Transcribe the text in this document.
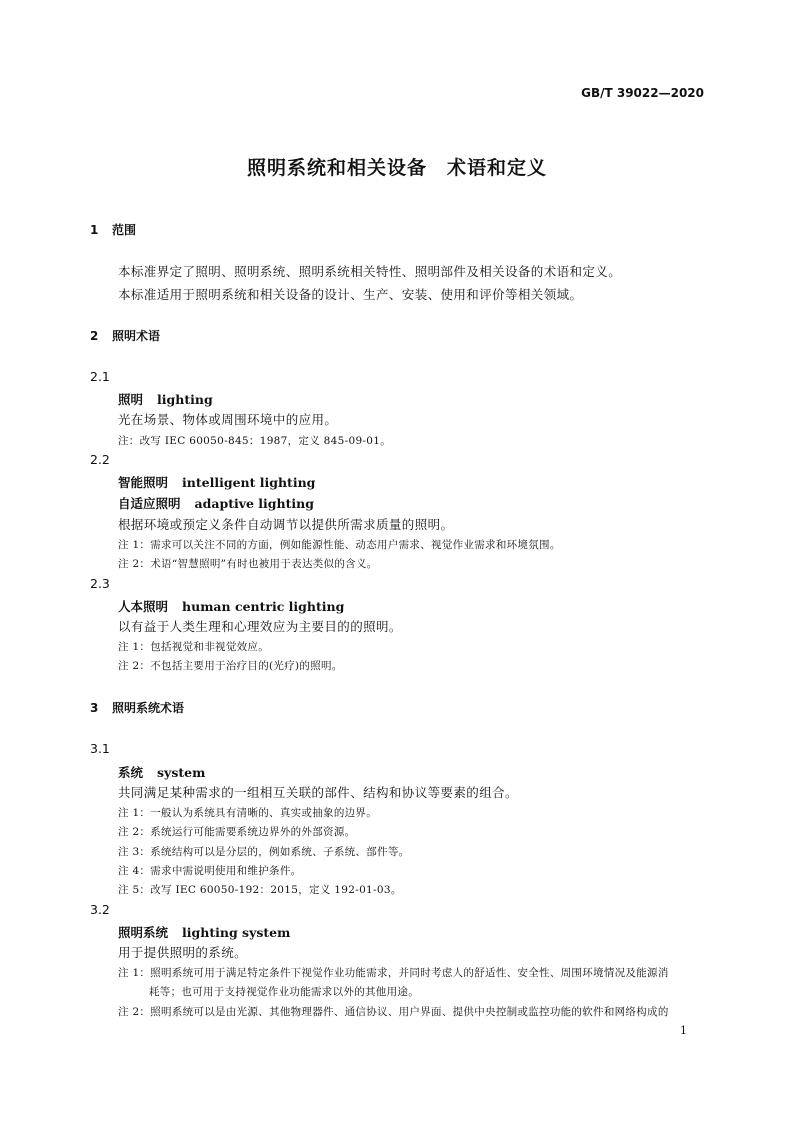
GB/T 39022—2020
照明系统和相关设备　术语和定义
1 范围
本标准界定了照明、照明系统、照明系统相关特性、照明部件及相关设备的术语和定义。
本标准适用于照明系统和相关设备的设计、生产、安装、使用和评价等相关领域。
2 照明术语
2.1
照明 lighting
光在场景、物体或周围环境中的应用。
注：改写 IEC 60050-845：1987，定义 845-09-01。
2.2
智能照明 intelligent lighting
自适应照明 adaptive lighting
根据环境或预定义条件自动调节以提供所需求质量的照明。
注 1：需求可以关注不同的方面，例如能源性能、动态用户需求、视觉作业需求和环境氛围。
注 2：术语“智慧照明”有时也被用于表达类似的含义。
2.3
人本照明 human centric lighting
以有益于人类生理和心理效应为主要目的的照明。
注 1：包括视觉和非视觉效应。
注 2：不包括主要用于治疗目的(光疗)的照明。
3 照明系统术语
3.1
系统 system
共同满足某种需求的一组相互关联的部件、结构和协议等要素的组合。
注 1：一般认为系统具有清晰的、真实或抽象的边界。
注 2：系统运行可能需要系统边界外的外部资源。
注 3：系统结构可以是分层的，例如系统、子系统、部件等。
注 4：需求中需说明使用和维护条件。
注 5：改写 IEC 60050-192：2015，定义 192-01-03。
3.2
照明系统 lighting system
用于提供照明的系统。
注 1：照明系统可用于满足特定条件下视觉作业功能需求，并同时考虑人的舒适性、安全性、周围环境情况及能源消
耗等；也可用于支持视觉作业功能需求以外的其他用途。
注 2：照明系统可以是由光源、其他物理器件、通信协议、用户界面、提供中央控制或监控功能的软件和网络构成的
1
